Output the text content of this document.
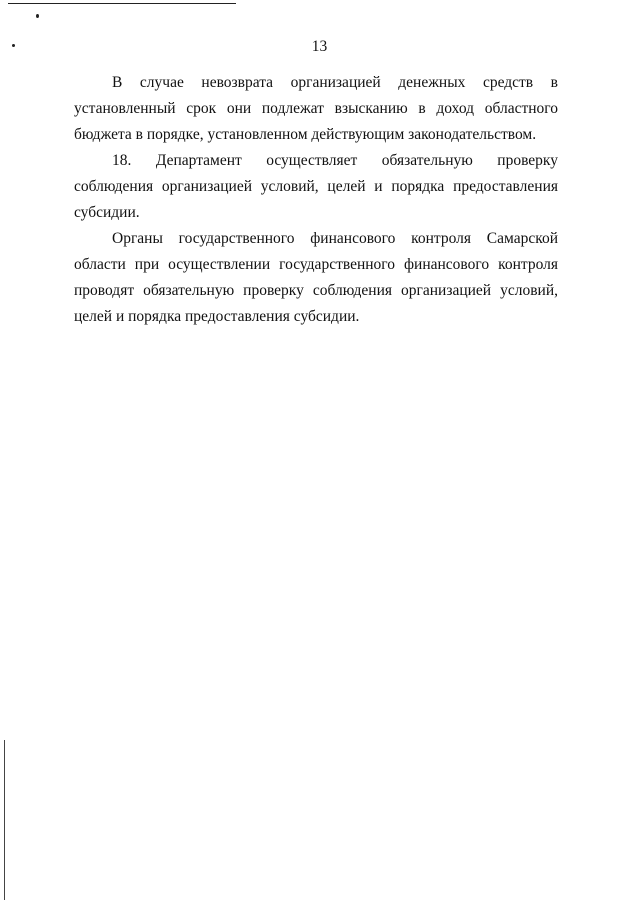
13

В случае невозврата организацией денежных средств в установленный срок они подлежат взысканию в доход областного бюджета в порядке, установленном действующим законодательством.

18. Департамент осуществляет обязательную проверку соблюдения организацией условий, целей и порядка предоставления субсидии.

Органы государственного финансового контроля Самарской области при осуществлении государственного финансового контроля проводят обязательную проверку соблюдения организацией условий, целей и порядка предоставления субсидии.
